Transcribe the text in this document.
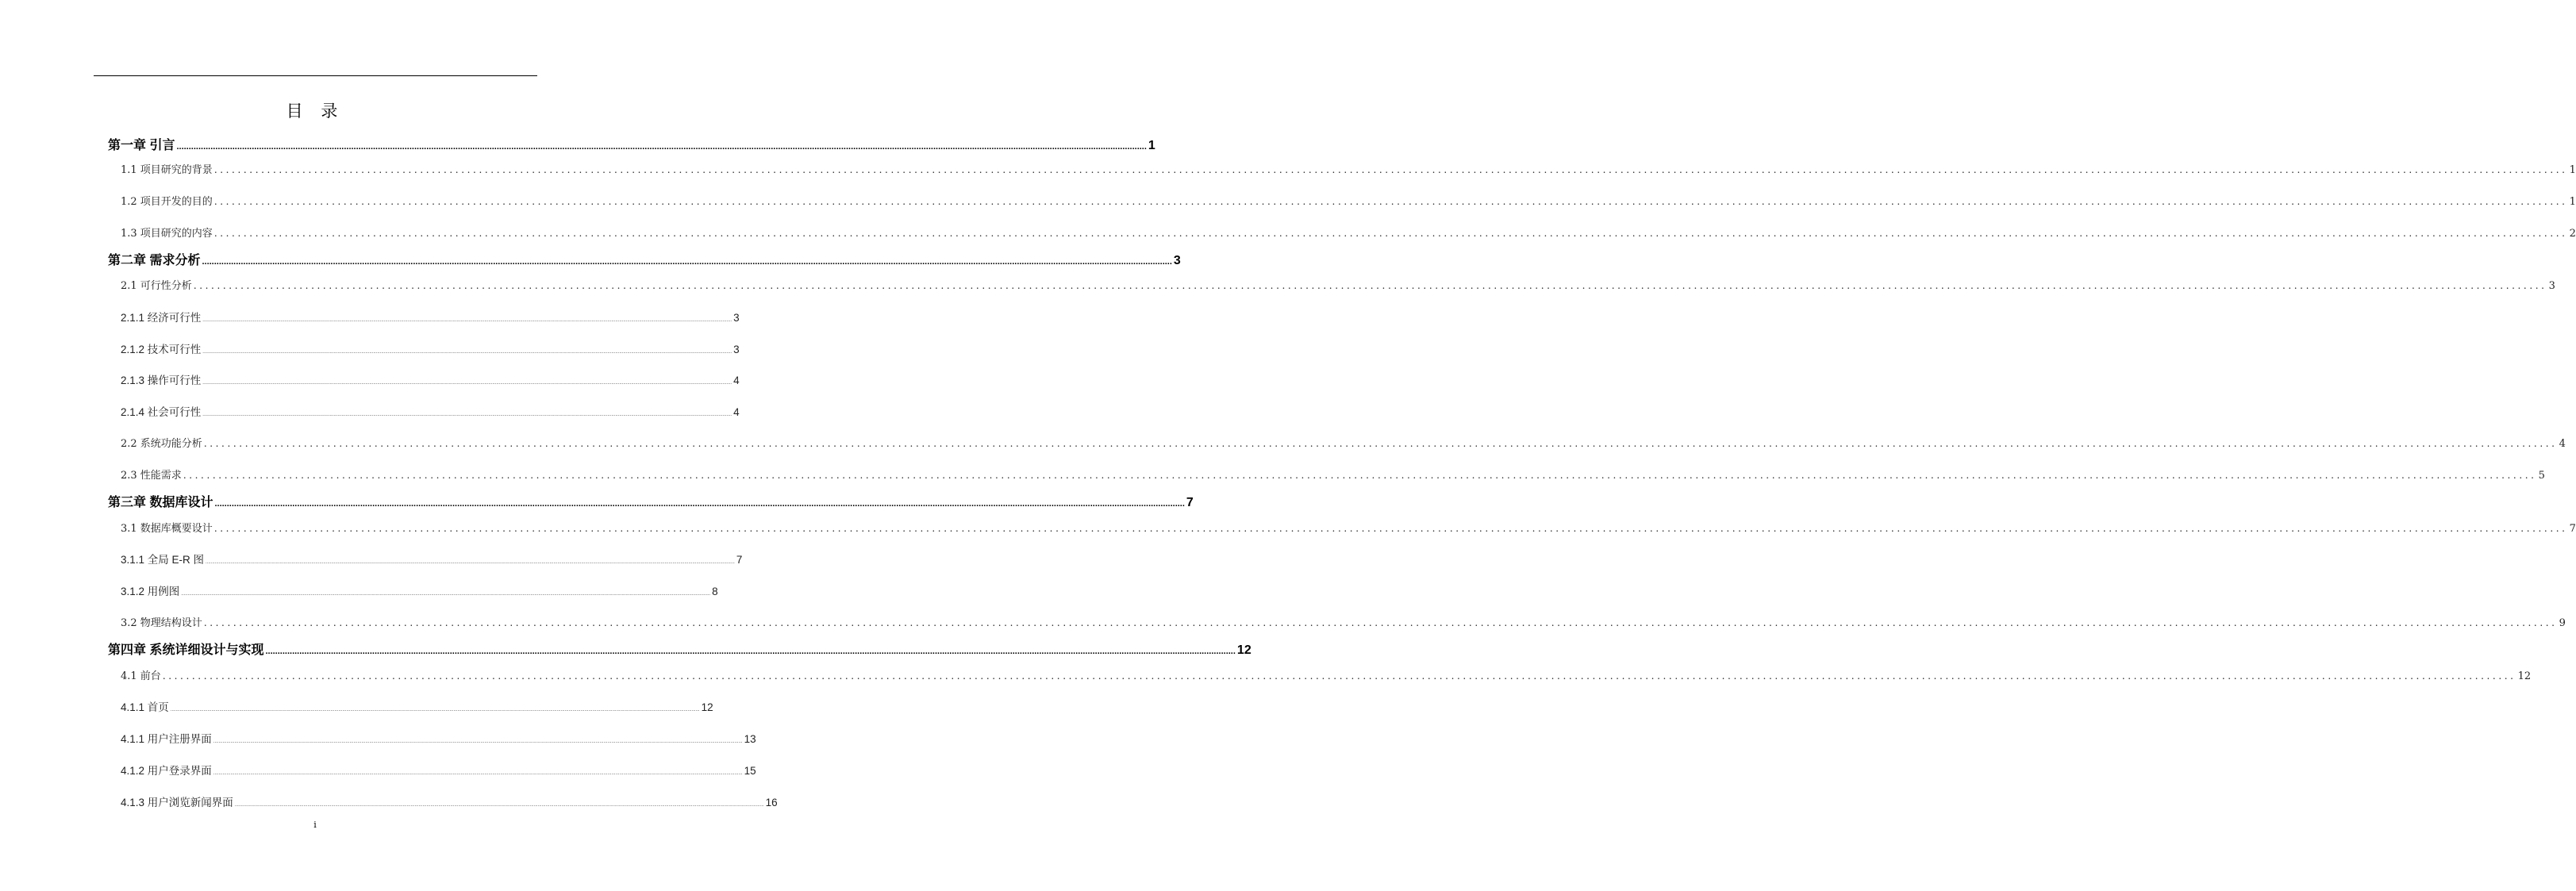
目 录
第一章 引言 ................................................................................................................................................................................................................................................................................................................................................................................................................ 1
1.1 项目研究的背景 ................................................................................................................................................................................................................................................................................................................................................................................................................ 1
1.2 项目开发的目的 ................................................................................................................................................................................................................................................................................................................................................................................................................ 1
1.3 项目研究的内容 ................................................................................................................................................................................................................................................................................................................................................................................................................ 2
第二章 需求分析 ................................................................................................................................................................................................................................................................................................................................................................................................................ 3
2.1 可行性分析 ................................................................................................................................................................................................................................................................................................................................................................................................................ 3
2.1.1 经济可行性 ................................................................................................................................................................................................................................................................................................................................................................................................................ 3
2.1.2 技术可行性 ................................................................................................................................................................................................................................................................................................................................................................................................................ 3
2.1.3 操作可行性 ................................................................................................................................................................................................................................................................................................................................................................................................................ 4
2.1.4 社会可行性 ................................................................................................................................................................................................................................................................................................................................................................................................................ 4
2.2 系统功能分析 ................................................................................................................................................................................................................................................................................................................................................................................................................ 4
2.3 性能需求 ................................................................................................................................................................................................................................................................................................................................................................................................................ 5
第三章 数据库设计 ................................................................................................................................................................................................................................................................................................................................................................................................................ 7
3.1 数据库概要设计 ................................................................................................................................................................................................................................................................................................................................................................................................................ 7
3.1.1 全局 E-R 图 ................................................................................................................................................................................................................................................................................................................................................................................................................ 7
3.1.2 用例图 ................................................................................................................................................................................................................................................................................................................................................................................................................ 8
3.2 物理结构设计 ................................................................................................................................................................................................................................................................................................................................................................................................................ 9
第四章 系统详细设计与实现 ................................................................................................................................................................................................................................................................................................................................................................................................................ 12
4.1 前台 ................................................................................................................................................................................................................................................................................................................................................................................................................ 12
4.1.1 首页 ................................................................................................................................................................................................................................................................................................................................................................................................................ 12
4.1.1 用户注册界面 ................................................................................................................................................................................................................................................................................................................................................................................................................ 13
4.1.2 用户登录界面 ................................................................................................................................................................................................................................................................................................................................................................................................................ 15
4.1.3 用户浏览新闻界面 ................................................................................................................................................................................................................................................................................................................................................................................................................ 16
i
